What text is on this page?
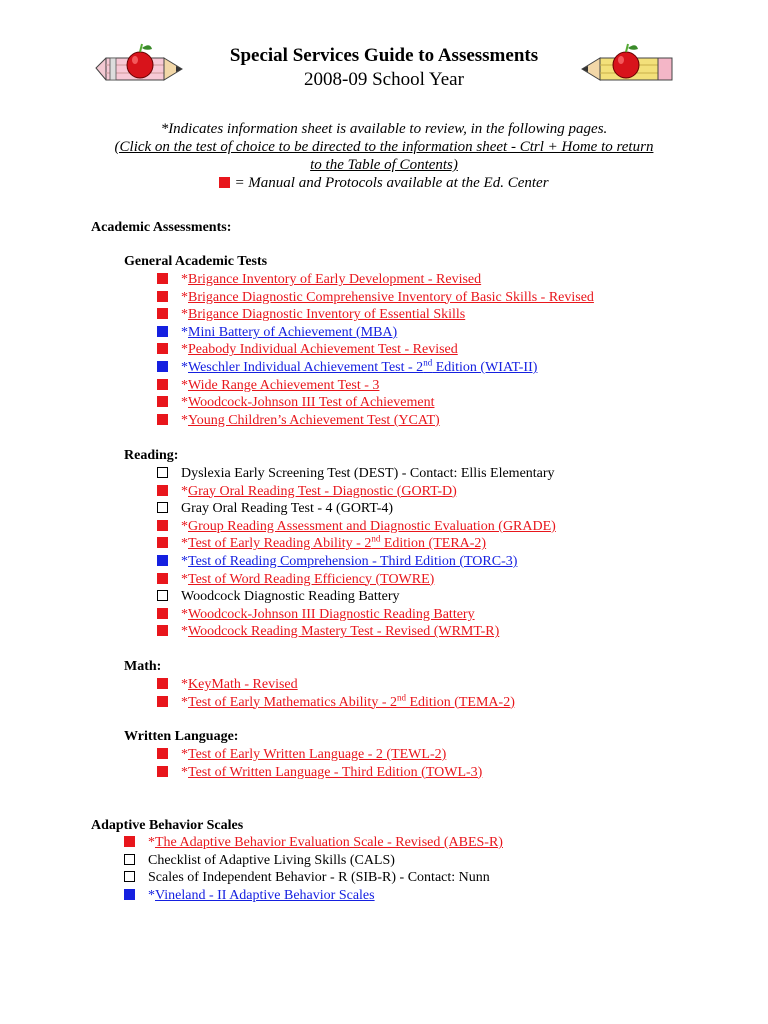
Special Services Guide to Assessments
2008-09 School Year
*Indicates information sheet is available to review, in the following pages.
(Click on the test of choice to be directed to the information sheet - Ctrl + Home to return
to the Table of Contents)
= Manual and Protocols available at the Ed. Center
Academic Assessments:
General Academic Tests
*Brigance Inventory of Early Development - Revised
*Brigance Diagnostic Comprehensive Inventory of Basic Skills - Revised
*Brigance Diagnostic Inventory of Essential Skills
*Mini Battery of Achievement (MBA)
*Peabody Individual Achievement Test - Revised
*Weschler Individual Achievement Test - 2nd Edition (WIAT-II)
*Wide Range Achievement Test - 3
*Woodcock-Johnson III Test of Achievement
*Young Children’s Achievement Test (YCAT)
Reading:
Dyslexia Early Screening Test (DEST) - Contact: Ellis Elementary
*Gray Oral Reading Test - Diagnostic (GORT-D)
Gray Oral Reading Test - 4 (GORT-4)
*Group Reading Assessment and Diagnostic Evaluation (GRADE)
*Test of Early Reading Ability - 2nd Edition (TERA-2)
*Test of Reading Comprehension - Third Edition (TORC-3)
*Test of Word Reading Efficiency (TOWRE)
Woodcock Diagnostic Reading Battery
*Woodcock-Johnson III Diagnostic Reading Battery
*Woodcock Reading Mastery Test - Revised (WRMT-R)
Math:
*KeyMath - Revised
*Test of Early Mathematics Ability - 2nd Edition (TEMA-2)
Written Language:
*Test of Early Written Language - 2 (TEWL-2)
*Test of Written Language - Third Edition (TOWL-3)
Adaptive Behavior Scales
*The Adaptive Behavior Evaluation Scale - Revised (ABES-R)
Checklist of Adaptive Living Skills (CALS)
Scales of Independent Behavior - R (SIB-R) - Contact: Nunn
*Vineland - II Adaptive Behavior Scales
